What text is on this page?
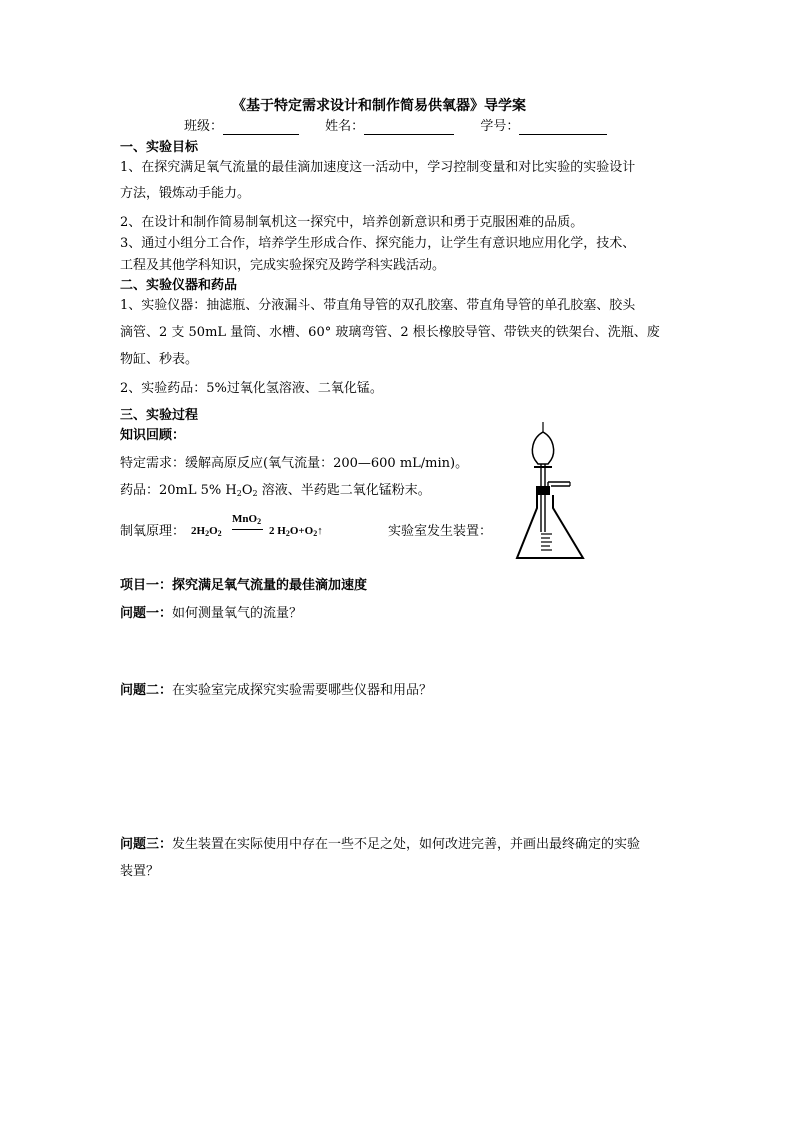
《基于特定需求设计和制作简易供氧器》导学案
班级：	姓名：	学号：
一、实验目标
1、在探究满足氧气流量的最佳滴加速度这一活动中，学习控制变量和对比实验的实验设计
方法，锻炼动手能力。
2、在设计和制作简易制氧机这一探究中，培养创新意识和勇于克服困难的品质。
3、通过小组分工合作，培养学生形成合作、探究能力，让学生有意识地应用化学，技术、
工程及其他学科知识，完成实验探究及跨学科实践活动。
二、实验仪器和药品
1、实验仪器：抽滤瓶、分液漏斗、带直角导管的双孔胶塞、带直角导管的单孔胶塞、胶头
滴管、2 支 50mL 量筒、水槽、60° 玻璃弯管、2 根长橡胶导管、带铁夹的铁架台、洗瓶、废
物缸、秒表。
2、实验药品：5%过氧化氢溶液、二氧化锰。
三、实验过程
知识回顾：
特定需求：缓解高原反应(氧气流量：200—600 mL/min)。
药品：20mL 5% $H_2O_2$ 溶液、半药匙二氧化锰粉末。
制氧原理：
MnO$_2$
$2H_2O_2$	2 $H_2O+O_2↑$	实验室发生装置：
项目一：探究满足氧气流量的最佳滴加速度
问题一：如何测量氧气的流量？
问题二：在实验室完成探究实验需要哪些仪器和用品？
问题三：发生装置在实际使用中存在一些不足之处，如何改进完善，并画出最终确定的实验
装置？
